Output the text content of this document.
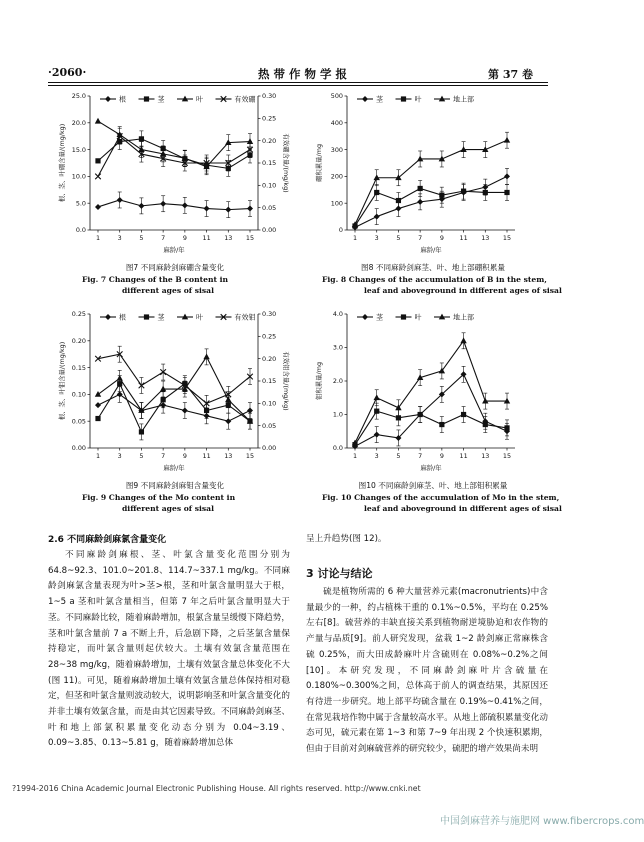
·2060·	热 带 作 物 学 报	第 37 卷
0.0
5.0
10.0
15.0
20.0
25.0
0.00
0.05
0.10
0.15
0.20
0.25
0.30
有效硼含量/(mg/kg)
1	3	5	7	9 11 13 15
麻龄/年
根、茎、叶硼含量/(mg/kg)
根	茎	叶	有效硼
0
100
200
300
400
500
1	3	5	7	9 11 13 15
麻龄/年
硼积累量/mg
茎	叶	地上部
0.00
0.05
0.10
0.15
0.20
0.25
0.00
0.05
0.10
0.15
0.20
0.25
0.30
有效钼含量/(mg/kg)
1	3	5	7	9 11 13 15
麻龄/年
根、茎、叶钼含量/(mg/kg)
根	茎	叶	有效钼
0.0
1.0
2.0
3.0
4.0
1	3	5	7	9 11 13 15
麻龄/年
钼积累量/mg
茎	叶	地上部
图7 不同麻龄剑麻硼含量变化
Fig. 7 Changes of the B content in
different ages of sisal
图8 不同麻龄剑麻茎、叶、地上部硼积累量
Fig. 8 Changes of the accumulation of B in the stem,
leaf and aboveground in different ages of sisal
图9 不同麻龄剑麻钼含量变化
Fig. 9 Changes of the Mo content in
different ages of sisal
图10 不同麻龄剑麻茎、叶、地上部钼积累量
Fig. 10 Changes of the accumulation of Mo in the stem,
leaf and aboveground in different ages of sisal
2.6 不同麻龄剑麻氯含量变化
不同麻龄剑麻根、茎、叶氯含量变化范围分别为 64.8~92.3、101.0~201.8、114.7~337.1 mg/kg。不同麻龄剑麻氯含量表现为叶>茎>根，茎和叶氯含量明显大于根，1~5 a 茎和叶氯含量相当，但第 7 年之后叶氯含量明显大于茎。不同麻龄比较，随着麻龄增加，根氯含量呈缓慢下降趋势，茎和叶氯含量前 7 a 不断上升，后急剧下降，之后茎氯含量保持稳定，而叶氯含量则起伏较大。土壤有效氯含量范围在 28~38 mg/kg，随着麻龄增加，土壤有效氯含量总体变化不大(图 11)。可见，随着麻龄增加土壤有效氯含量总体保持相对稳定，但茎和叶氯含量则波动较大，说明影响茎和叶氯含量变化的并非土壤有效氯含量，而是由其它因素导致。不同麻龄剑麻茎、叶和地上部氯积累量变化动态分别为 0.04~3.19、0.09~3.85、0.13~5.81 g，随着麻龄增加总体
呈上升趋势(图 12)。
3 讨论与结论
硫是植物所需的 6 种大量营养元素(macronutrients)中含量最少的一种，约占植株干重的 0.1%~0.5%，平均在 0.25%左右[8]。硫营养的丰缺直接关系到植物耐逆境胁迫和农作物的产量与品质[9]。前人研究发现，盆栽 1~2 龄剑麻正常麻株含硫 0.25%，而大田成龄麻叶片含硫则在 0.08%~0.2%之间[10]。本研究发现，不同麻龄剑麻叶片含硫量在 0.180%~0.300%之间，总体高于前人的调查结果，其原因还有待进一步研究。地上部平均硫含量在 0.19%~0.41%之间，在常见栽培作物中属于含量较高水平。从地上部硫积累量变化动态可见，硫元素在第 1~3 和第 7~9 年出现 2 个快速积累期，但由于目前对剑麻硫营养的研究较少，硫肥的增产效果尚未明
?1994-2016 China Academic Journal Electronic Publishing House. All rights reserved. http://www.cnki.net
中国剑麻营养与施肥网 www.fibercrops.com
